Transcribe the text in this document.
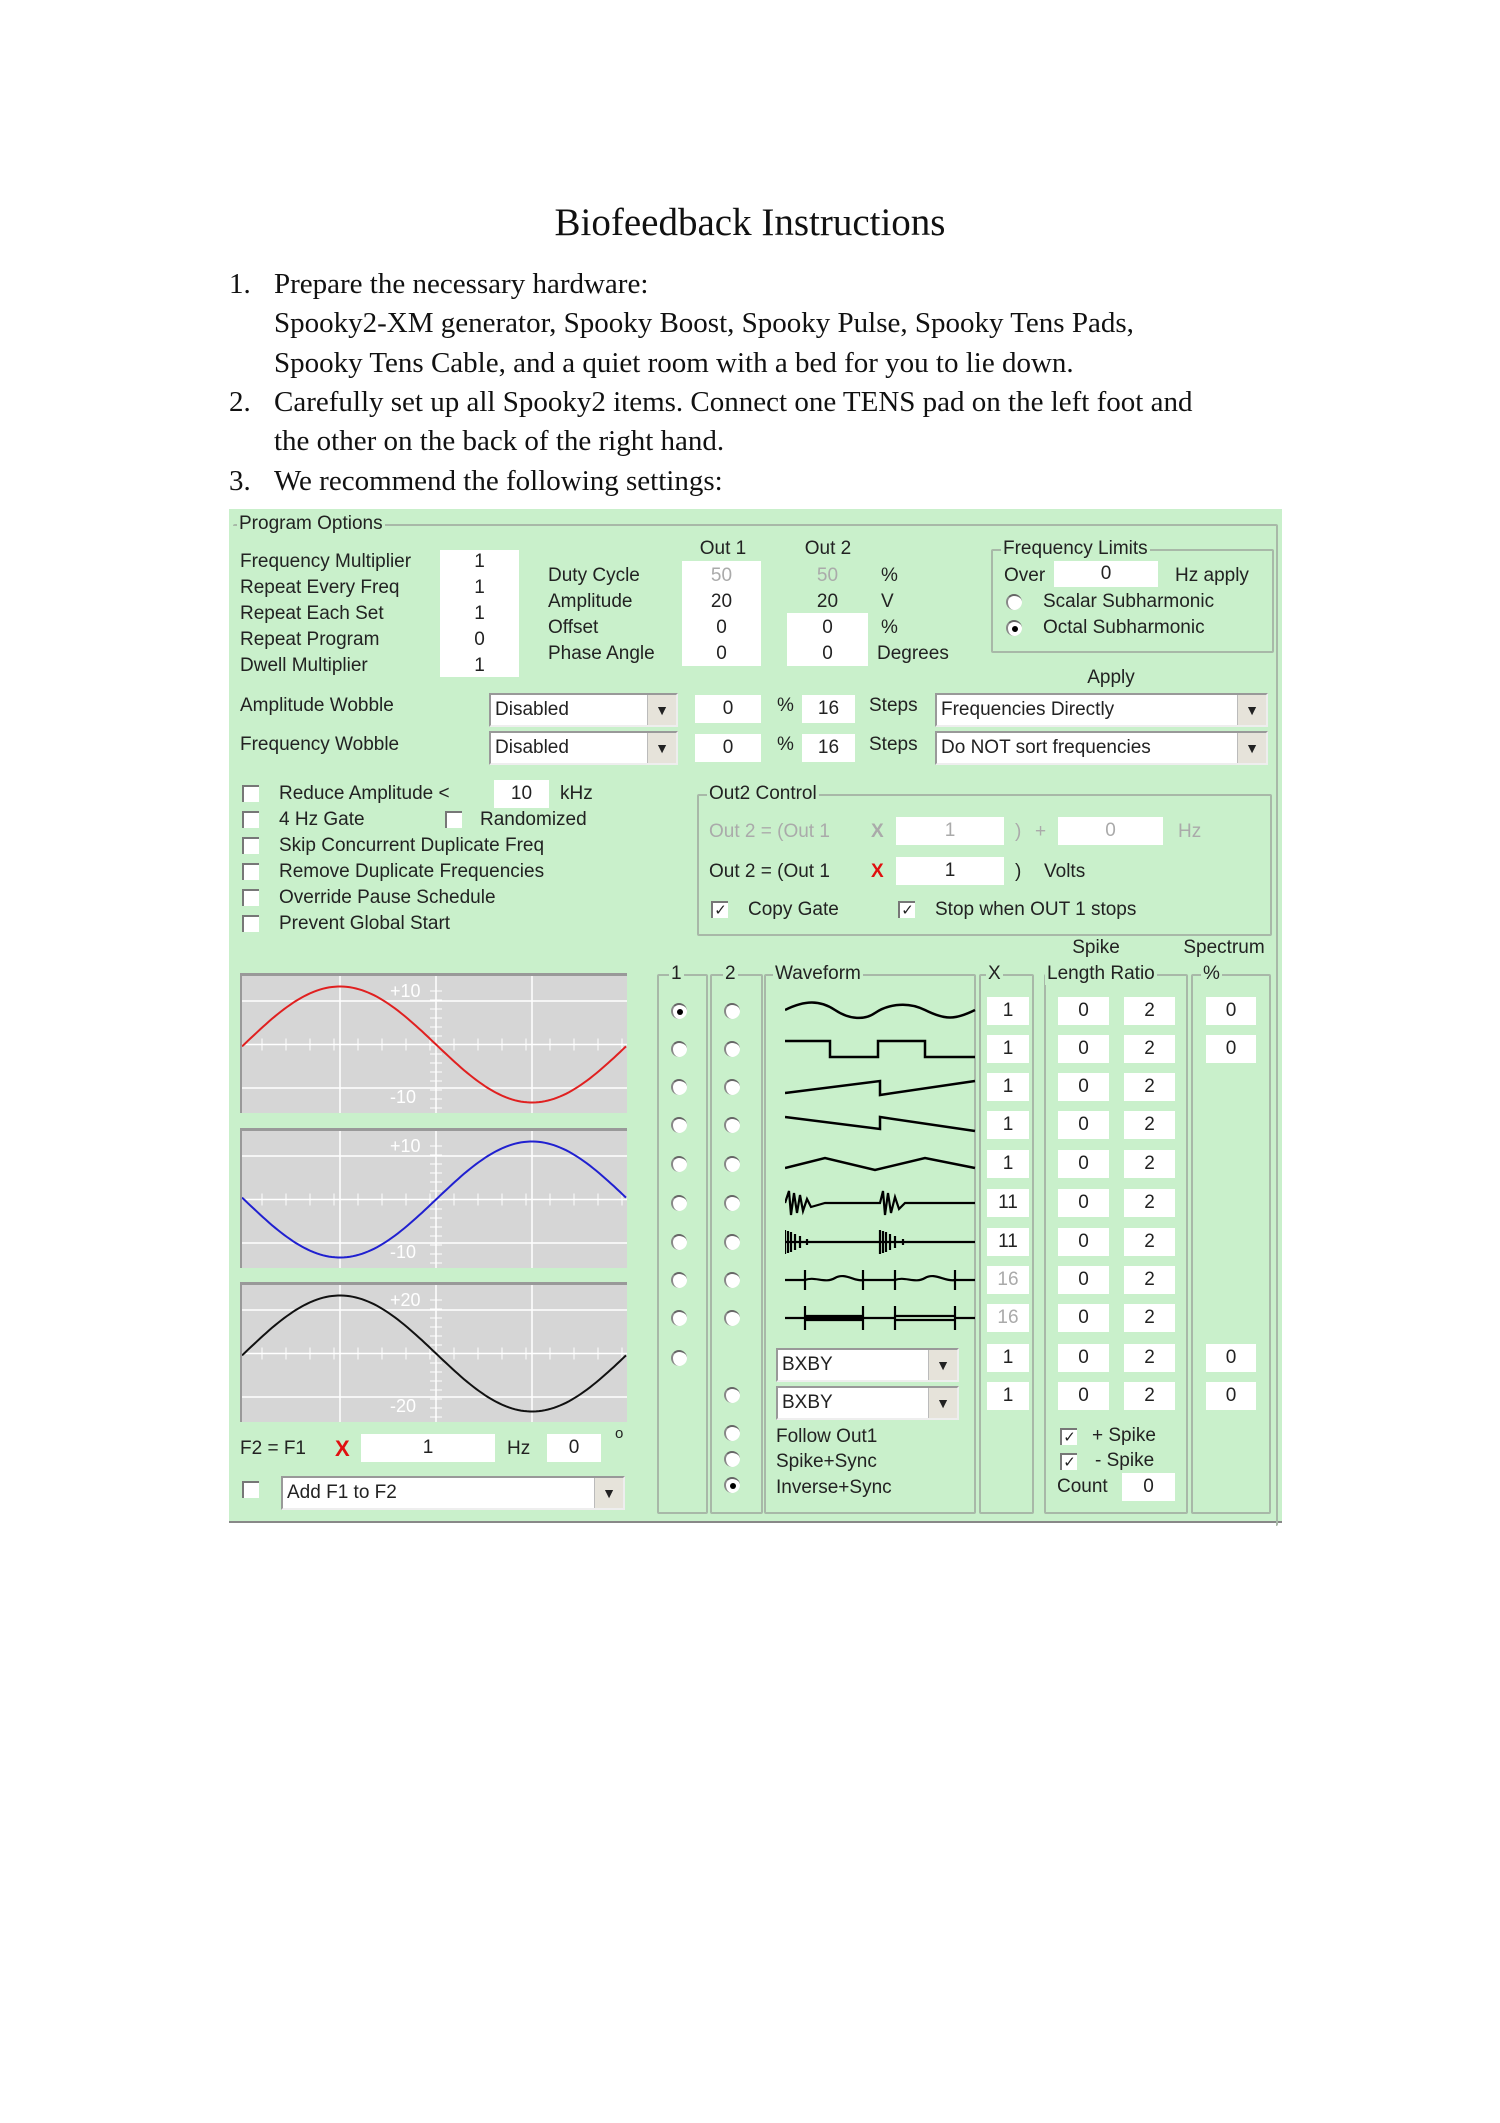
Biofeedback Instructions
1. Prepare the necessary hardware:
Spooky2-XM generator, Spooky Boost, Spooky Pulse, Spooky Tens Pads,
Spooky Tens Cable, and a quiet room with a bed for you to lie down.
2. Carefully set up all Spooky2 items. Connect one TENS pad on the left foot and
the other on the back of the right hand.
3. We recommend the following settings:
Program Options
Frequency Multiplier	1
Repeat Every Freq	1
Repeat Each Set	1
Repeat Program	0
Dwell Multiplier	1
Out 1	Out 2
Duty Cycle	50	50	%
Amplitude	20	20	V
Offset	0	0	%
Phase Angle	0	0	Degrees
Frequency Limits
Over	0	Hz apply
Scalar Subharmonic
Octal Subharmonic
Apply
Amplitude Wobble	Disabled	▼	0	%	16	Steps	Frequencies Directly	▼
Frequency Wobble	Disabled	▼	0	%	16	Steps	Do NOT sort frequencies	▼
Reduce Amplitude <	10	kHz
4 Hz Gate	Randomized
Skip Concurrent Duplicate Freq
Remove Duplicate Frequencies
Override Pause Schedule
Prevent Global Start
Out2 Control
Out 2 = (Out 1 X	1	) +	0	Hz
Out 2 = (Out 1 X	1	) Volts
✓ Copy Gate	✓ Stop when OUT 1 stops
Spike	Spectrum
+10
-10
+10
-10
+20
-20
F2 = F1 X	1	Hz	0
o
Add F1 to F2	▼
1 2 Waveform	X Length Ratio	%
1	0	2	0
1	0	2	0
1	0	2
1	0	2
1	0	2
11	0	2
11	0	2
16	0	2
16	0	2
1	0	2	0
1	0	2	0
BXBY	▼
BXBY	▼
Follow Out1
Spike+Sync
Inverse+Sync
✓ + Spike
✓ - Spike
Count	0
